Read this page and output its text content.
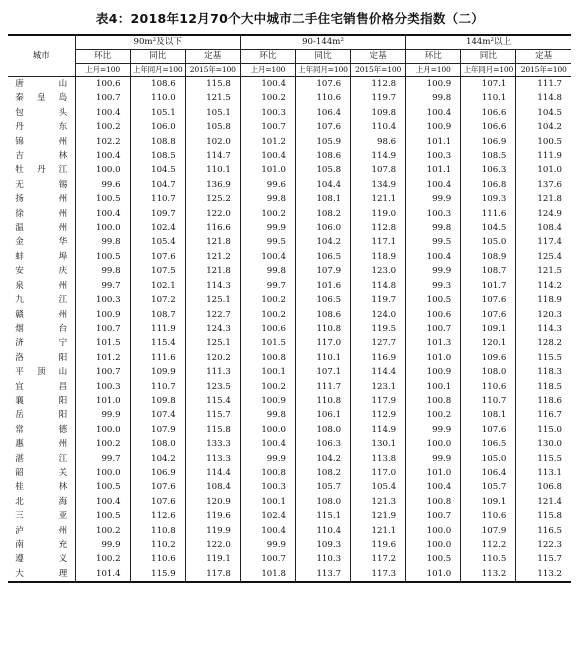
表4：2018年12月70个大中城市二手住宅销售价格分类指数（二）
城市	90m²及以下			90-144m²			144m²以上		
	环比	同比	定基	环比	同比	定基	环比	同比	定基
	上月=100	上年同月=100	2015年=100	上月=100	上年同月=100	2015年=100	上月=100	上年同月=100	2015年=100
唐山	100.6	108.6	115.8	100.4	107.6	112.8	100.9	107.1	111.7
秦皇岛	100.7	110.0	121.5	100.2	110.6	119.7	99.8	110.1	114.8
包头	100.4	105.1	105.1	100.3	106.4	109.8	100.4	106.6	104.5
丹东	100.2	106.0	105.8	100.7	107.6	110.4	100.9	106.6	104.2
锦州	102.2	108.8	102.0	101.2	105.9	98.6	101.1	106.9	100.5
吉林	100.4	108.5	114.7	100.4	108.6	114.9	100.3	108.5	111.9
牡丹江	100.0	104.5	110.1	101.0	105.8	107.8	101.1	106.3	101.0
无锡	99.6	104.7	136.9	99.6	104.4	134.9	100.4	106.8	137.6
扬州	100.5	110.7	125.2	99.8	108.1	121.1	99.9	109.3	121.8
徐州	100.4	109.7	122.0	100.2	108.2	119.0	100.3	111.6	124.9
温州	100.0	102.4	116.6	99.9	106.0	112.8	99.8	104.5	108.4
金华	99.8	105.4	121.8	99.5	104.2	117.1	99.5	105.0	117.4
蚌埠	100.5	107.6	121.2	100.4	106.5	118.9	100.4	108.9	125.4
安庆	99.8	107.5	121.8	99.8	107.9	123.0	99.9	108.7	121.5
泉州	99.7	102.1	114.3	99.7	101.6	114.8	99.3	101.7	114.2
九江	100.3	107.2	125.1	100.2	106.5	119.7	100.5	107.6	118.9
赣州	100.9	108.7	122.7	100.2	108.6	124.0	100.6	107.6	120.3
烟台	100.7	111.9	124.3	100.6	110.8	119.5	100.7	109.1	114.3
济宁	101.5	115.4	125.1	101.5	117.0	127.7	101.3	120.1	128.2
洛阳	101.2	111.6	120.2	100.8	110.1	116.9	101.0	109.6	115.5
平顶山	100.7	109.9	111.3	100.1	107.1	114.4	100.9	108.0	118.3
宜昌	100.3	110.7	123.5	100.2	111.7	123.1	100.1	110.6	118.5
襄阳	101.0	109.8	115.4	100.9	110.8	117.9	100.8	110.7	118.6
岳阳	99.9	107.4	115.7	99.8	106.1	112.9	100.2	108.1	116.7
常德	100.0	107.9	115.8	100.0	108.0	114.9	99.9	107.6	115.0
惠州	100.2	108.0	133.3	100.4	106.3	130.1	100.0	106.5	130.0
湛江	99.7	104.2	113.3	99.9	104.2	113.8	99.9	105.0	115.5
韶关	100.0	106.9	114.4	100.8	108.2	117.0	101.0	106.4	113.1
桂林	100.5	107.6	108.4	100.3	105.7	105.4	100.4	105.7	106.8
北海	100.4	107.6	120.9	100.1	108.0	121.3	100.8	109.1	121.4
三亚	100.5	112.6	119.6	102.4	115.1	121.9	100.7	110.6	115.8
泸州	100.2	110.8	119.9	100.4	110.4	121.1	100.0	107.9	116.5
南充	99.9	110.2	122.0	99.9	109.3	119.6	100.0	112.2	122.3
遵义	100.2	110.6	119.1	100.7	110.3	117.2	100.5	110.5	115.7
大理	101.4	115.9	117.8	101.8	113.7	117.3	101.0	113.2	113.2
